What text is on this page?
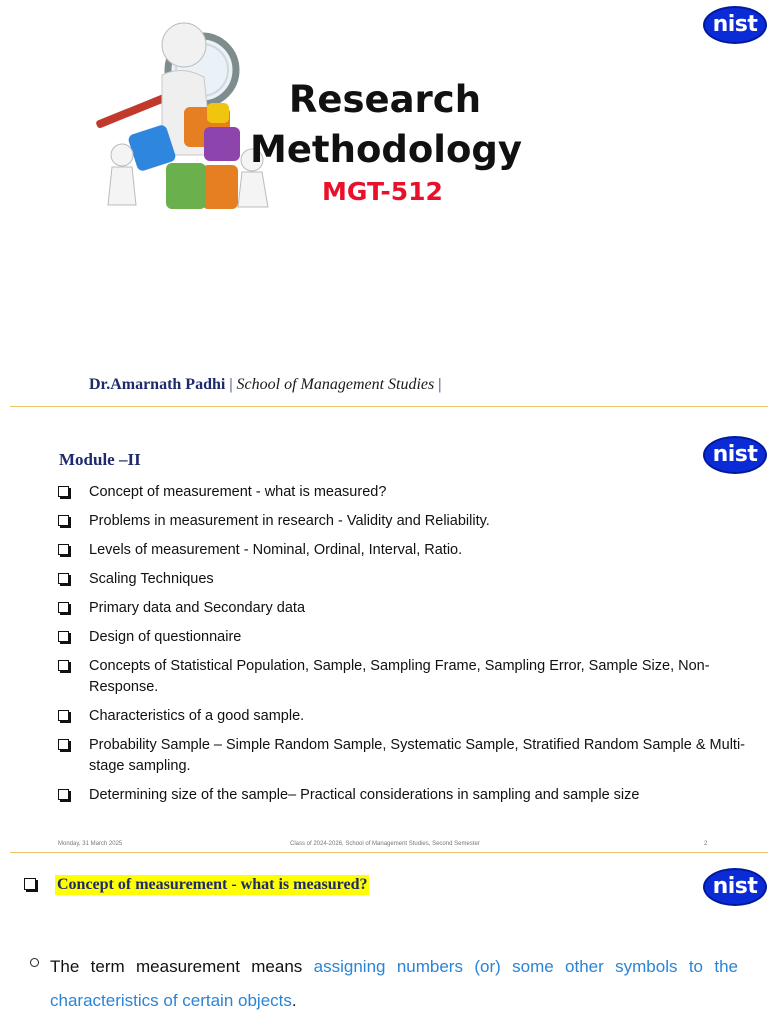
nist
Research
Methodology
MGT-512
Dr.Amarnath Padhi | School of Management Studies |
nist
Module –II
Concept of measurement - what is measured?
Problems in measurement in research - Validity and Reliability.
Levels of measurement - Nominal, Ordinal, Interval, Ratio.
Scaling Techniques
Primary data and Secondary data
Design of questionnaire
Concepts of Statistical Population, Sample, Sampling Frame, Sampling Error, Sample Size, Non-Response.
Characteristics of a good sample.
Probability Sample – Simple Random Sample, Systematic Sample, Stratified Random Sample & Multi-stage sampling.
Determining size of the sample– Practical considerations in sampling and sample size
Monday, 31 March 2025	Class of 2024-2026, School of Management Studies, Second Semester	2
nist
Concept of measurement - what is measured?

The term measurement means assigning numbers (or) some other symbols to the characteristics of certain objects.
